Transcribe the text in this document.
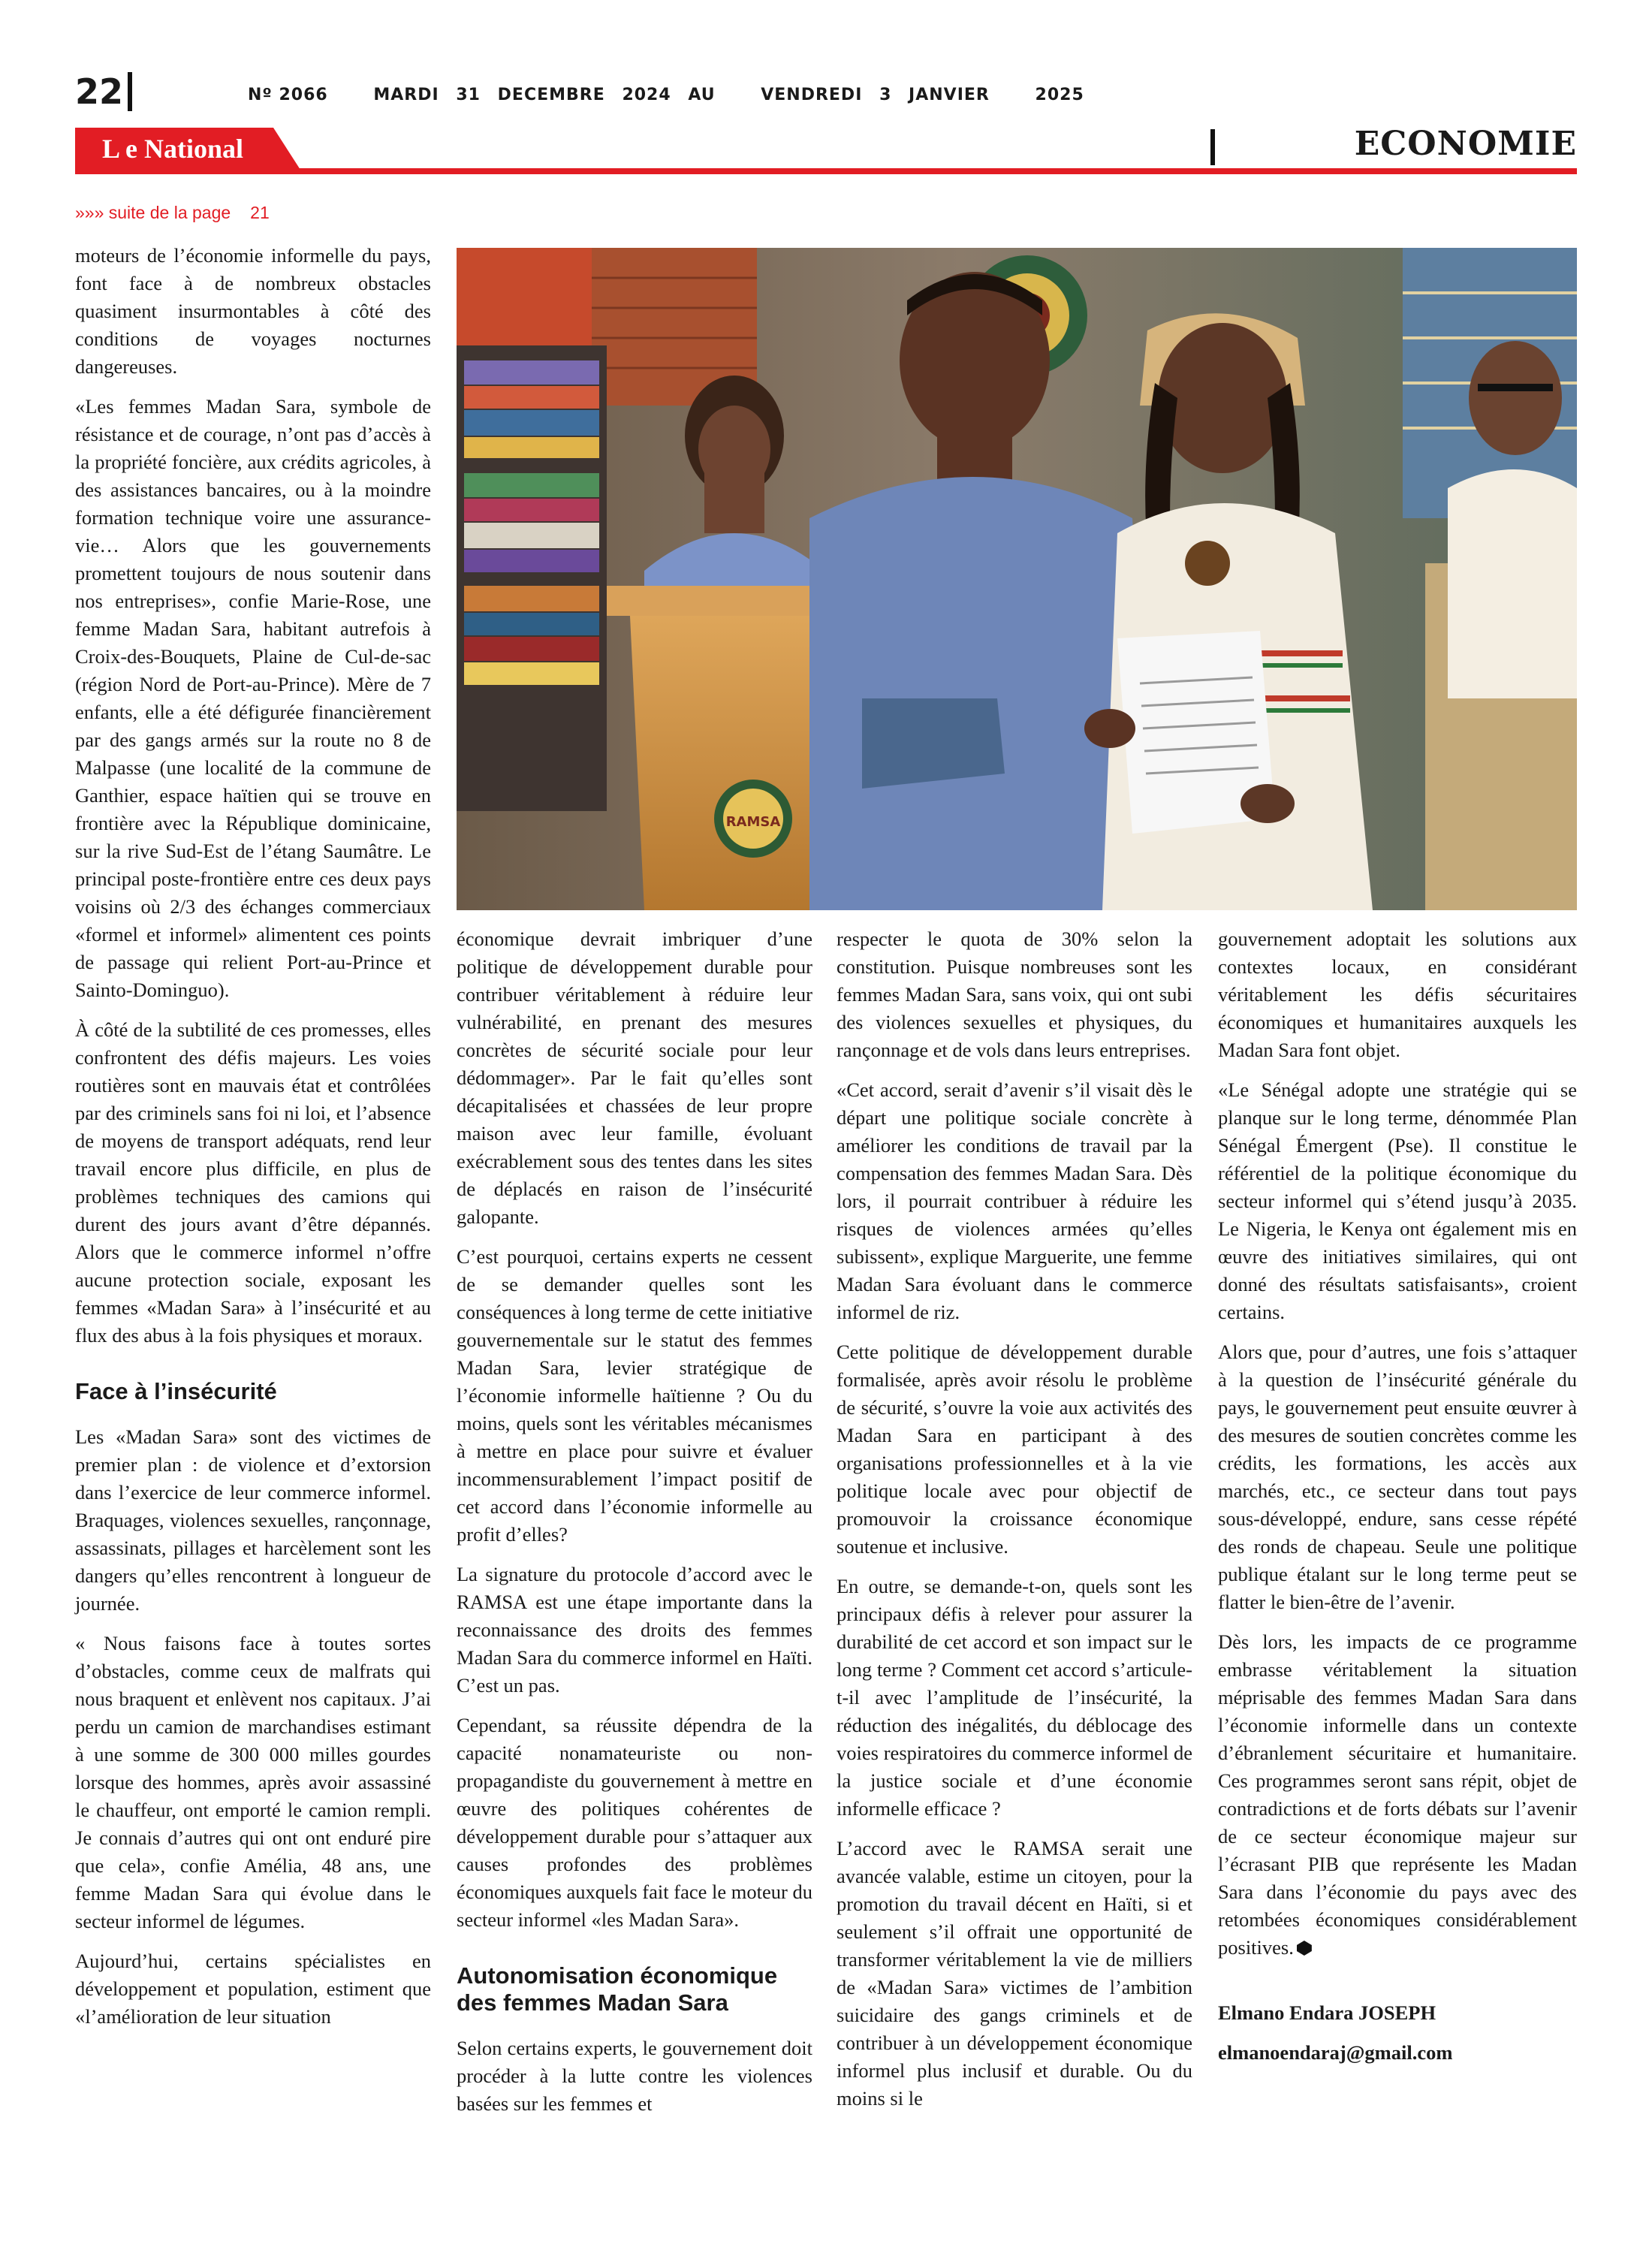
22	Nº 2066	MARDI 31 DECEMBRE 2024 AU	VENDREDI 3 JANVIER	2025
L e National	ECONOMIE
»»» suite de la page 21
RAMSA

moteurs de l’économie informelle du pays, font face à de nombreux obstacles quasiment insurmontables à côté des conditions de voyages nocturnes dangereuses.

«Les femmes Madan Sara, symbole de résistance et de courage, n’ont pas d’accès à la propriété foncière, aux crédits agricoles, à des assistances bancaires, ou à la moindre formation technique voire une assurance-vie… Alors que les gouvernements promettent toujours de nous soutenir dans nos entreprises», confie Marie-Rose, une femme Madan Sara, habitant autrefois à Croix-des-Bouquets, Plaine de Cul-de-sac (région Nord de Port-au-Prince). Mère de 7 enfants, elle a été défigurée financièrement par des gangs armés sur la route no 8 de Malpasse (une localité de la commune de Ganthier, espace haïtien qui se trouve en frontière avec la République dominicaine, sur la rive Sud-Est de l’étang Saumâtre. Le principal poste-frontière entre ces deux pays voisins où 2/3 des échanges commerciaux «formel et informel» alimentent ces points de passage qui relient Port-au-Prince et Sainto-Dominguo).

À côté de la subtilité de ces promesses, elles confrontent des défis majeurs. Les voies routières sont en mauvais état et contrôlées par des criminels sans foi ni loi, et l’absence de moyens de transport adéquats, rend leur travail encore plus difficile, en plus de problèmes techniques des camions qui durent des jours avant d’être dépannés. Alors que le commerce informel n’offre aucune protection sociale, exposant les femmes «Madan Sara» à l’insécurité et au flux des abus à la fois physiques et moraux.

Face à l’insécurité

Les «Madan Sara» sont des victimes de premier plan : de violence et d’extorsion dans l’exercice de leur commerce informel. Braquages, violences sexuelles, rançonnage, assassinats, pillages et harcèlement sont les dangers qu’elles rencontrent à longueur de journée.

« Nous faisons face à toutes sortes d’obstacles, comme ceux de malfrats qui nous braquent et enlèvent nos capitaux. J’ai perdu un camion de marchandises estimant à une somme de 300 000 milles gourdes lorsque des hommes, après avoir assassiné le chauffeur, ont emporté le camion rempli. Je connais d’autres qui ont ont enduré pire que cela», confie Amélia, 48 ans, une femme Madan Sara qui évolue dans le secteur informel de légumes.

Aujourd’hui, certains spécialistes en développement et population, estiment que «l’amélioration de leur situation

économique devrait imbriquer d’une politique de développement durable pour contribuer véritablement à réduire leur vulnérabilité, en prenant des mesures concrètes de sécurité sociale pour leur dédommager». Par le fait qu’elles sont décapitalisées et chassées de leur propre maison avec leur famille, évoluant exécrablement sous des tentes dans les sites de déplacés en raison de l’insécurité galopante.

C’est pourquoi, certains experts ne cessent de se demander quelles sont les conséquences à long terme de cette initiative gouvernementale sur le statut des femmes Madan Sara, levier stratégique de l’économie informelle haïtienne ? Ou du moins, quels sont les véritables mécanismes à mettre en place pour suivre et évaluer incommensurablement l’impact positif de cet accord dans l’économie informelle au profit d’elles?

La signature du protocole d’accord avec le RAMSA est une étape importante dans la reconnaissance des droits des femmes Madan Sara du commerce informel en Haïti. C’est un pas.

Cependant, sa réussite dépendra de la capacité nonamateuriste ou non-propagandiste du gouvernement à mettre en œuvre des politiques cohérentes de développement durable pour s’attaquer aux causes profondes des problèmes économiques auxquels fait face le moteur du secteur informel «les Madan Sara».

Autonomisation économique des femmes Madan Sara

Selon certains experts, le gouvernement doit procéder à la lutte contre les violences basées sur les femmes et

respecter le quota de 30% selon la constitution. Puisque nombreuses sont les femmes Madan Sara, sans voix, qui ont subi des violences sexuelles et physiques, du rançonnage et de vols dans leurs entreprises.

«Cet accord, serait d’avenir s’il visait dès le départ une politique sociale concrète à améliorer les conditions de travail par la compensation des femmes Madan Sara. Dès lors, il pourrait contribuer à réduire les risques de violences armées qu’elles subissent», explique Marguerite, une femme Madan Sara évoluant dans le commerce informel de riz.

Cette politique de développement durable formalisée, après avoir résolu le problème de sécurité, s’ouvre la voie aux activités des Madan Sara en participant à des organisations professionnelles et à la vie politique locale avec pour objectif de promouvoir la croissance économique soutenue et inclusive.

En outre, se demande-t-on, quels sont les principaux défis à relever pour assurer la durabilité de cet accord et son impact sur le long terme ? Comment cet accord s’articule-t-il avec l’amplitude de l’insécurité, la réduction des inégalités, du déblocage des voies respiratoires du commerce informel de la justice sociale et d’une économie informelle efficace ?

L’accord avec le RAMSA serait une avancée valable, estime un citoyen, pour la promotion du travail décent en Haïti, si et seulement s’il offrait une opportunité de transformer véritablement la vie de milliers de «Madan Sara» victimes de l’ambition suicidaire des gangs criminels et de contribuer à un développement économique informel plus inclusif et durable. Ou du moins si le

gouvernement adoptait les solutions aux contextes locaux, en considérant véritablement les défis sécuritaires économiques et humanitaires auxquels les Madan Sara font objet.

«Le Sénégal adopte une stratégie qui se planque sur le long terme, dénommée Plan Sénégal Émergent (Pse). Il constitue le référentiel de la politique économique du secteur informel qui s’étend jusqu’à 2035. Le Nigeria, le Kenya ont également mis en œuvre des initiatives similaires, qui ont donné des résultats satisfaisants», croient certains.

Alors que, pour d’autres, une fois s’attaquer à la question de l’insécurité générale du pays, le gouvernement peut ensuite œuvrer à des mesures de soutien concrètes comme les crédits, les formations, les accès aux marchés, etc., ce secteur dans tout pays sous-développé, endure, sans cesse répété des ronds de chapeau. Seule une politique publique étalant sur le long terme peut se flatter le bien-être de l’avenir.

Dès lors, les impacts de ce programme embrasse véritablement la situation méprisable des femmes Madan Sara dans l’économie informelle dans un contexte d’ébranlement sécuritaire et humanitaire. Ces programmes seront sans répit, objet de contradictions et de forts débats sur l’avenir de ce secteur économique majeur sur l’écrasant PIB que représente les Madan Sara dans l’économie du pays avec des retombées économiques considérablement positives.

Elmano Endara JOSEPH

elmanoendaraj@gmail.com
